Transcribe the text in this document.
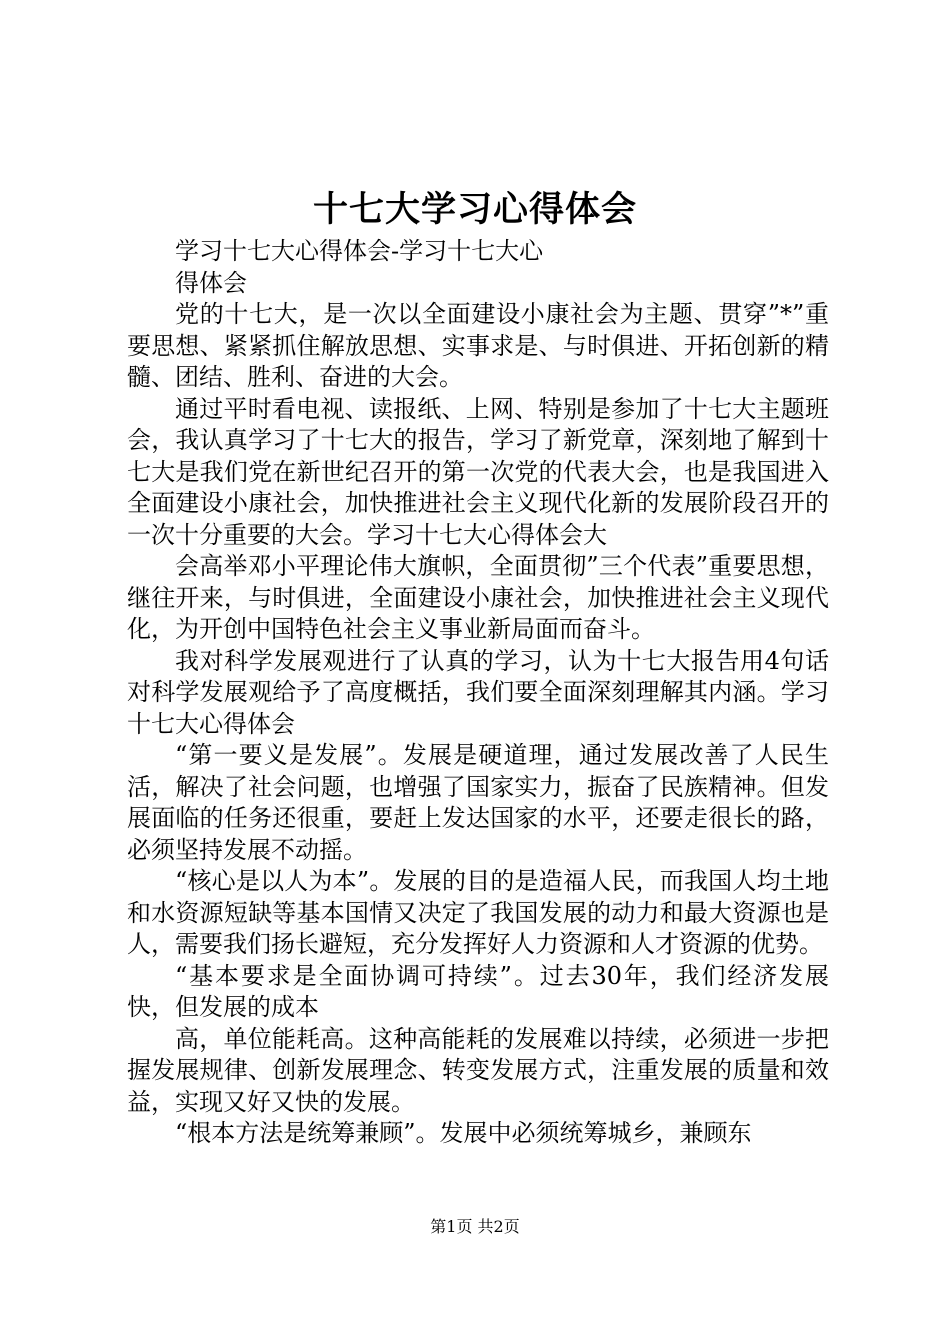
十七大学习心得体会

学习十七大心得体会-学习十七大心

得体会

党的十七大，是一次以全面建设小康社会为主题、贯穿”*”重要思想、紧紧抓住解放思想、实事求是、与时俱进、开拓创新的精髓、团结、胜利、奋进的大会。

通过平时看电视、读报纸、上网、特别是参加了十七大主题班会，我认真学习了十七大的报告，学习了新党章，深刻地了解到十七大是我们党在新世纪召开的第一次党的代表大会，也是我国进入全面建设小康社会，加快推进社会主义现代化新的发展阶段召开的一次十分重要的大会。学习十七大心得体会大

会高举邓小平理论伟大旗帜，全面贯彻”三个代表”重要思想，继往开来，与时俱进，全面建设小康社会，加快推进社会主义现代化，为开创中国特色社会主义事业新局面而奋斗。

我对科学发展观进行了认真的学习，认为十七大报告用4句话对科学发展观给予了高度概括，我们要全面深刻理解其内涵。学习十七大心得体会

“第一要义是发展”。发展是硬道理，通过发展改善了人民生活，解决了社会问题，也增强了国家实力，振奋了民族精神。但发展面临的任务还很重，要赶上发达国家的水平，还要走很长的路，必须坚持发展不动摇。

“核心是以人为本”。发展的目的是造福人民，而我国人均土地和水资源短缺等基本国情又决定了我国发展的动力和最大资源也是人，需要我们扬长避短，充分发挥好人力资源和人才资源的优势。

“基本要求是全面协调可持续”。过去30年，我们经济发展快，但发展的成本

高，单位能耗高。这种高能耗的发展难以持续，必须进一步把握发展规律、创新发展理念、转变发展方式，注重发展的质量和效益，实现又好又快的发展。

“根本方法是统筹兼顾”。发展中必须统筹城乡，兼顾东

第1页 共2页
